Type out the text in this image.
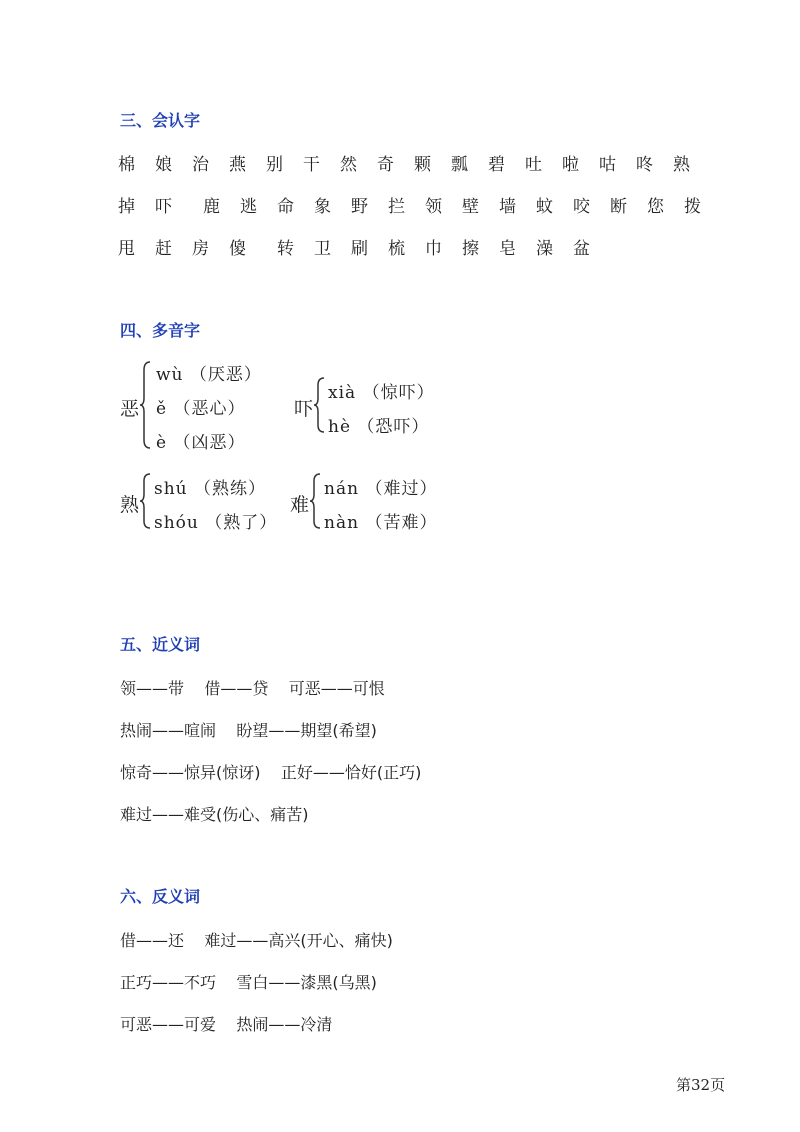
三、会认字
棉	娘	治	燕	别	干	然	奇	颗	瓢	碧	吐	啦	咕	咚	熟
掉	吓	鹿	逃	命	象	野	拦	领	壁	墙	蚊	咬	断	您	拨
甩	赶	房	傻	转	卫	刷	梳	巾	擦	皂	澡	盆
四、多音字
恶
wù （厌恶）
ě （恶心）
è （凶恶）
吓
xià （惊吓）
hè （恐吓）
熟
shú （熟练）
shóu （熟了）
难
nán （难过）
nàn （苦难）
五、近义词
领——带    借——贷    可恶——可恨
热闹——喧闹    盼望——期望(希望)
惊奇——惊异(惊讶)    正好——恰好(正巧)
难过——难受(伤心、痛苦)
六、反义词
借——还    难过——高兴(开心、痛快)
正巧——不巧    雪白——漆黑(乌黑)
可恶——可爱    热闹——冷清
第32页
